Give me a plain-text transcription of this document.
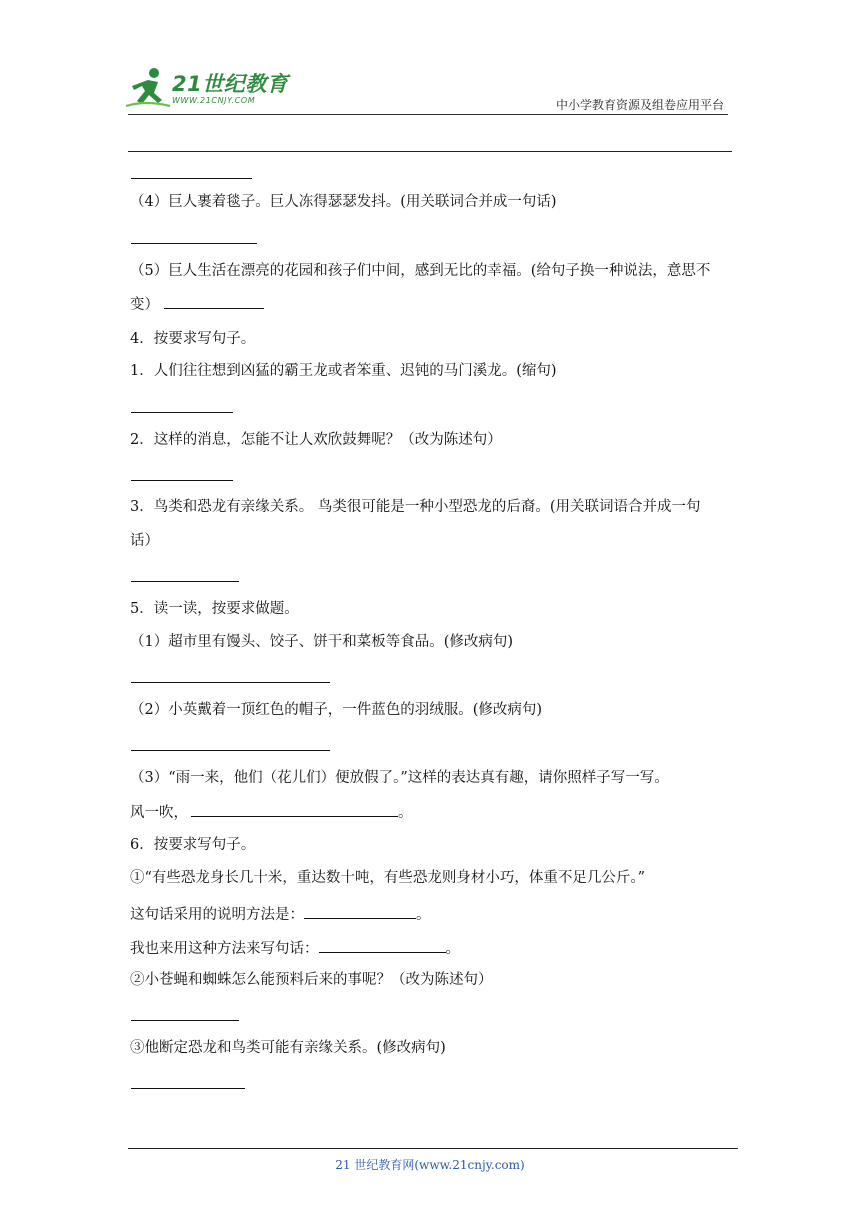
21世纪教育
WWW.21CNJY.COM	中小学教育资源及组卷应用平台
（4）巨人裹着毯子。巨人冻得瑟瑟发抖。(用关联词合并成一句话)
（5）巨人生活在漂亮的花园和孩子们中间，感到无比的幸福。(给句子换一种说法，意思不
变）
4．按要求写句子。
1．人们往往想到凶猛的霸王龙或者笨重、迟钝的马门溪龙。(缩句)
2．这样的消息，怎能不让人欢欣鼓舞呢？（改为陈述句）
3．鸟类和恐龙有亲缘关系。 鸟类很可能是一种小型恐龙的后裔。(用关联词语合并成一句
话）
5．读一读，按要求做题。
（1）超市里有馒头、饺子、饼干和菜板等食品。(修改病句)
（2）小英戴着一顶红色的帽子，一件蓝色的羽绒服。(修改病句)
（3）“雨一来，他们（花儿们）便放假了。”这样的表达真有趣，请你照样子写一写。
风一吹，	。
6．按要求写句子。
①“有些恐龙身长几十米，重达数十吨，有些恐龙则身材小巧，体重不足几公斤。”
这句话采用的说明方法是：	。
我也来用这种方法来写句话：	。
②小苍蝇和蜘蛛怎么能预料后来的事呢？（改为陈述句）
③他断定恐龙和鸟类可能有亲缘关系。(修改病句)
21 世纪教育网(www.21cnjy.com)
